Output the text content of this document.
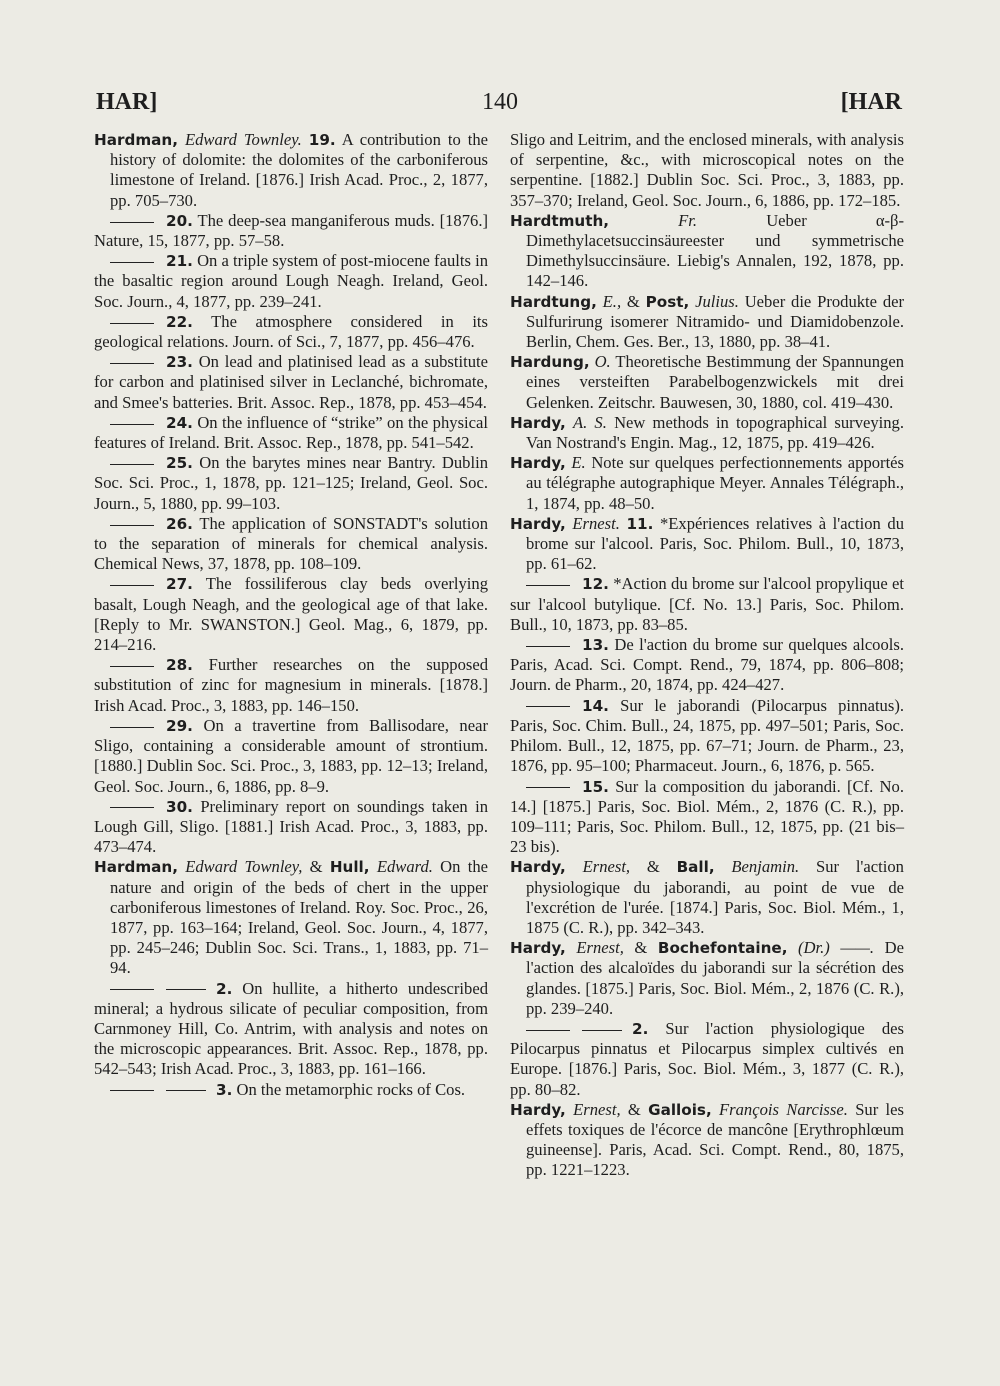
HAR]	140	[HAR

Hardman, Edward Townley. 19. A contribution to the history of dolomite: the dolomites of the carboniferous limestone of Ireland. [1876.] Irish Acad. Proc., 2, 1877, pp. 705–730.

20. The deep-sea manganiferous muds. [1876.] Nature, 15, 1877, pp. 57–58.

21. On a triple system of post-miocene faults in the basaltic region around Lough Neagh. Ireland, Geol. Soc. Journ., 4, 1877, pp. 239–241.

22. The atmosphere considered in its geological relations. Journ. of Sci., 7, 1877, pp. 456–476.

23. On lead and platinised lead as a substitute for carbon and platinised silver in Leclanché, bichromate, and Smee's batteries. Brit. Assoc. Rep., 1878, pp. 453–454.

24. On the influence of “strike” on the physical features of Ireland. Brit. Assoc. Rep., 1878, pp. 541–542.

25. On the barytes mines near Bantry. Dublin Soc. Sci. Proc., 1, 1878, pp. 121–125; Ireland, Geol. Soc. Journ., 5, 1880, pp. 99–103.

26. The application of SONSTADT's solution to the separation of minerals for chemical analysis. Chemical News, 37, 1878, pp. 108–109.

27. The fossiliferous clay beds overlying basalt, Lough Neagh, and the geological age of that lake. [Reply to Mr. SWANSTON.] Geol. Mag., 6, 1879, pp. 214–216.

28. Further researches on the supposed substitution of zinc for magnesium in minerals. [1878.] Irish Acad. Proc., 3, 1883, pp. 146–150.

29. On a travertine from Ballisodare, near Sligo, containing a considerable amount of strontium. [1880.] Dublin Soc. Sci. Proc., 3, 1883, pp. 12–13; Ireland, Geol. Soc. Journ., 6, 1886, pp. 8–9.

30. Preliminary report on soundings taken in Lough Gill, Sligo. [1881.] Irish Acad. Proc., 3, 1883, pp. 473–474.

Hardman, Edward Townley, & Hull, Edward. On the nature and origin of the beds of chert in the upper carboniferous limestones of Ireland. Roy. Soc. Proc., 26, 1877, pp. 163–164; Ireland, Geol. Soc. Journ., 4, 1877, pp. 245–246; Dublin Soc. Sci. Trans., 1, 1883, pp. 71–94.

2. On hullite, a hitherto undescribed mineral; a hydrous silicate of peculiar composition, from Carnmoney Hill, Co. Antrim, with analysis and notes on the microscopic appearances. Brit. Assoc. Rep., 1878, pp. 542–543; Irish Acad. Proc., 3, 1883, pp. 161–166.

3. On the metamorphic rocks of Cos.

Sligo and Leitrim, and the enclosed minerals, with analysis of serpentine, &c., with microscopical notes on the serpentine. [1882.] Dublin Soc. Sci. Proc., 3, 1883, pp. 357–370; Ireland, Geol. Soc. Journ., 6, 1886, pp. 172–185.

Hardtmuth,	Fr.	Ueber α-β-Dimethylacetsuccinsäureester und symmetrische Dimethylsuccinsäure. Liebig's Annalen, 192, 1878, pp. 142–146.

Hardtung, E., & Post, Julius. Ueber die Produkte der Sulfurirung isomerer Nitramido- und Diamidobenzole. Berlin, Chem. Ges. Ber., 13, 1880, pp. 38–41.

Hardung, O. Theoretische Bestimmung der Spannungen eines versteiften Parabelbogenzwickels mit drei Gelenken. Zeitschr. Bauwesen, 30, 1880, col. 419–430.

Hardy, A. S. New methods in topographical surveying. Van Nostrand's Engin. Mag., 12, 1875, pp. 419–426.

Hardy, E. Note sur quelques perfectionnements apportés au télégraphe autographique Meyer. Annales Télégraph., 1, 1874, pp. 48–50.

Hardy, Ernest. 11. *Expériences relatives à l'action du brome sur l'alcool. Paris, Soc. Philom. Bull., 10, 1873, pp. 61–62.

12. *Action du brome sur l'alcool propylique et sur l'alcool butylique. [Cf. No. 13.] Paris, Soc. Philom. Bull., 10, 1873, pp. 83–85.

13. De l'action du brome sur quelques alcools. Paris, Acad. Sci. Compt. Rend., 79, 1874, pp. 806–808; Journ. de Pharm., 20, 1874, pp. 424–427.

14. Sur le jaborandi (Pilocarpus pinnatus). Paris, Soc. Chim. Bull., 24, 1875, pp. 497–501; Paris, Soc. Philom. Bull., 12, 1875, pp. 67–71; Journ. de Pharm., 23, 1876, pp. 95–100; Pharmaceut. Journ., 6, 1876, p. 565.

15. Sur la composition du jaborandi. [Cf. No. 14.] [1875.] Paris, Soc. Biol. Mém., 2, 1876 (C. R.), pp. 109–111; Paris, Soc. Philom. Bull., 12, 1875, pp. (21 bis–23 bis).

Hardy, Ernest, & Ball, Benjamin. Sur l'action physiologique du jaborandi, au point de vue de l'excrétion de l'urée. [1874.] Paris, Soc. Biol. Mém., 1, 1875 (C. R.), pp. 342–343.

Hardy, Ernest, & Bochefontaine, (Dr.) ——. De l'action des alcaloïdes du jaborandi sur la sécrétion des glandes. [1875.] Paris, Soc. Biol. Mém., 2, 1876 (C. R.), pp. 239–240.

2. Sur l'action physiologique des Pilocarpus pinnatus et Pilocarpus simplex cultivés en Europe. [1876.] Paris, Soc. Biol. Mém., 3, 1877 (C. R.), pp. 80–82.

Hardy, Ernest, & Gallois, François Narcisse. Sur les effets toxiques de l'écorce de mancône [Erythrophlœum guineense]. Paris, Acad. Sci. Compt. Rend., 80, 1875, pp. 1221–1223.
